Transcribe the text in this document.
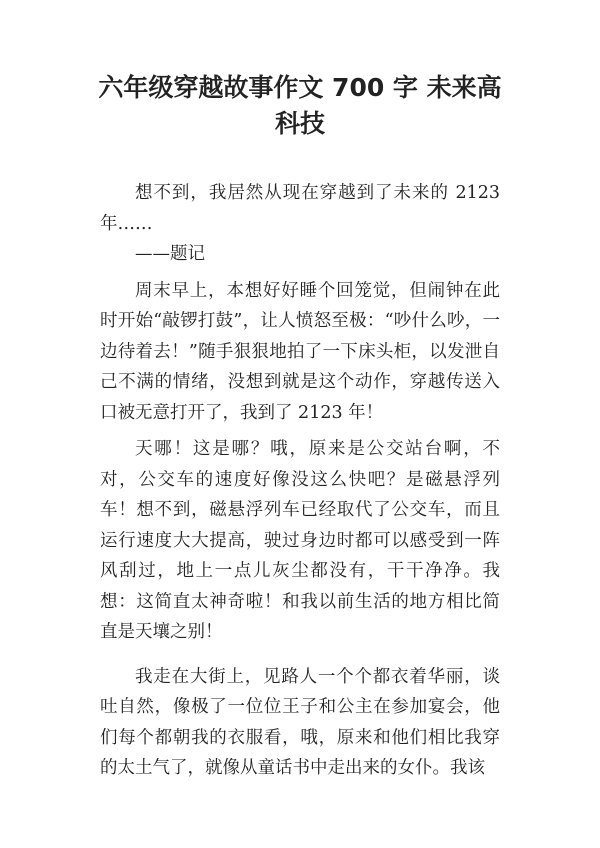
六年级穿越故事作文 700 字 未来高科技

想不到，我居然从现在穿越到了未来的 2123 年……

——题记

周末早上，本想好好睡个回笼觉，但闹钟在此时开始“敲锣打鼓”，让人愤怒至极：“吵什么吵，一边待着去！”随手狠狠地拍了一下床头柜，以发泄自己不满的情绪，没想到就是这个动作，穿越传送入口被无意打开了，我到了 2123 年！

天哪！这是哪？哦，原来是公交站台啊，不对，公交车的速度好像没这么快吧？是磁悬浮列车！想不到，磁悬浮列车已经取代了公交车，而且运行速度大大提高，驶过身边时都可以感受到一阵风刮过，地上一点儿灰尘都没有，干干净净。我想：这简直太神奇啦！和我以前生活的地方相比简直是天壤之别！

我走在大街上，见路人一个个都衣着华丽，谈吐自然，像极了一位位王子和公主在参加宴会，他们每个都朝我的衣服看，哦，原来和他们相比我穿的太土气了，就像从童话书中走出来的女仆。我该
